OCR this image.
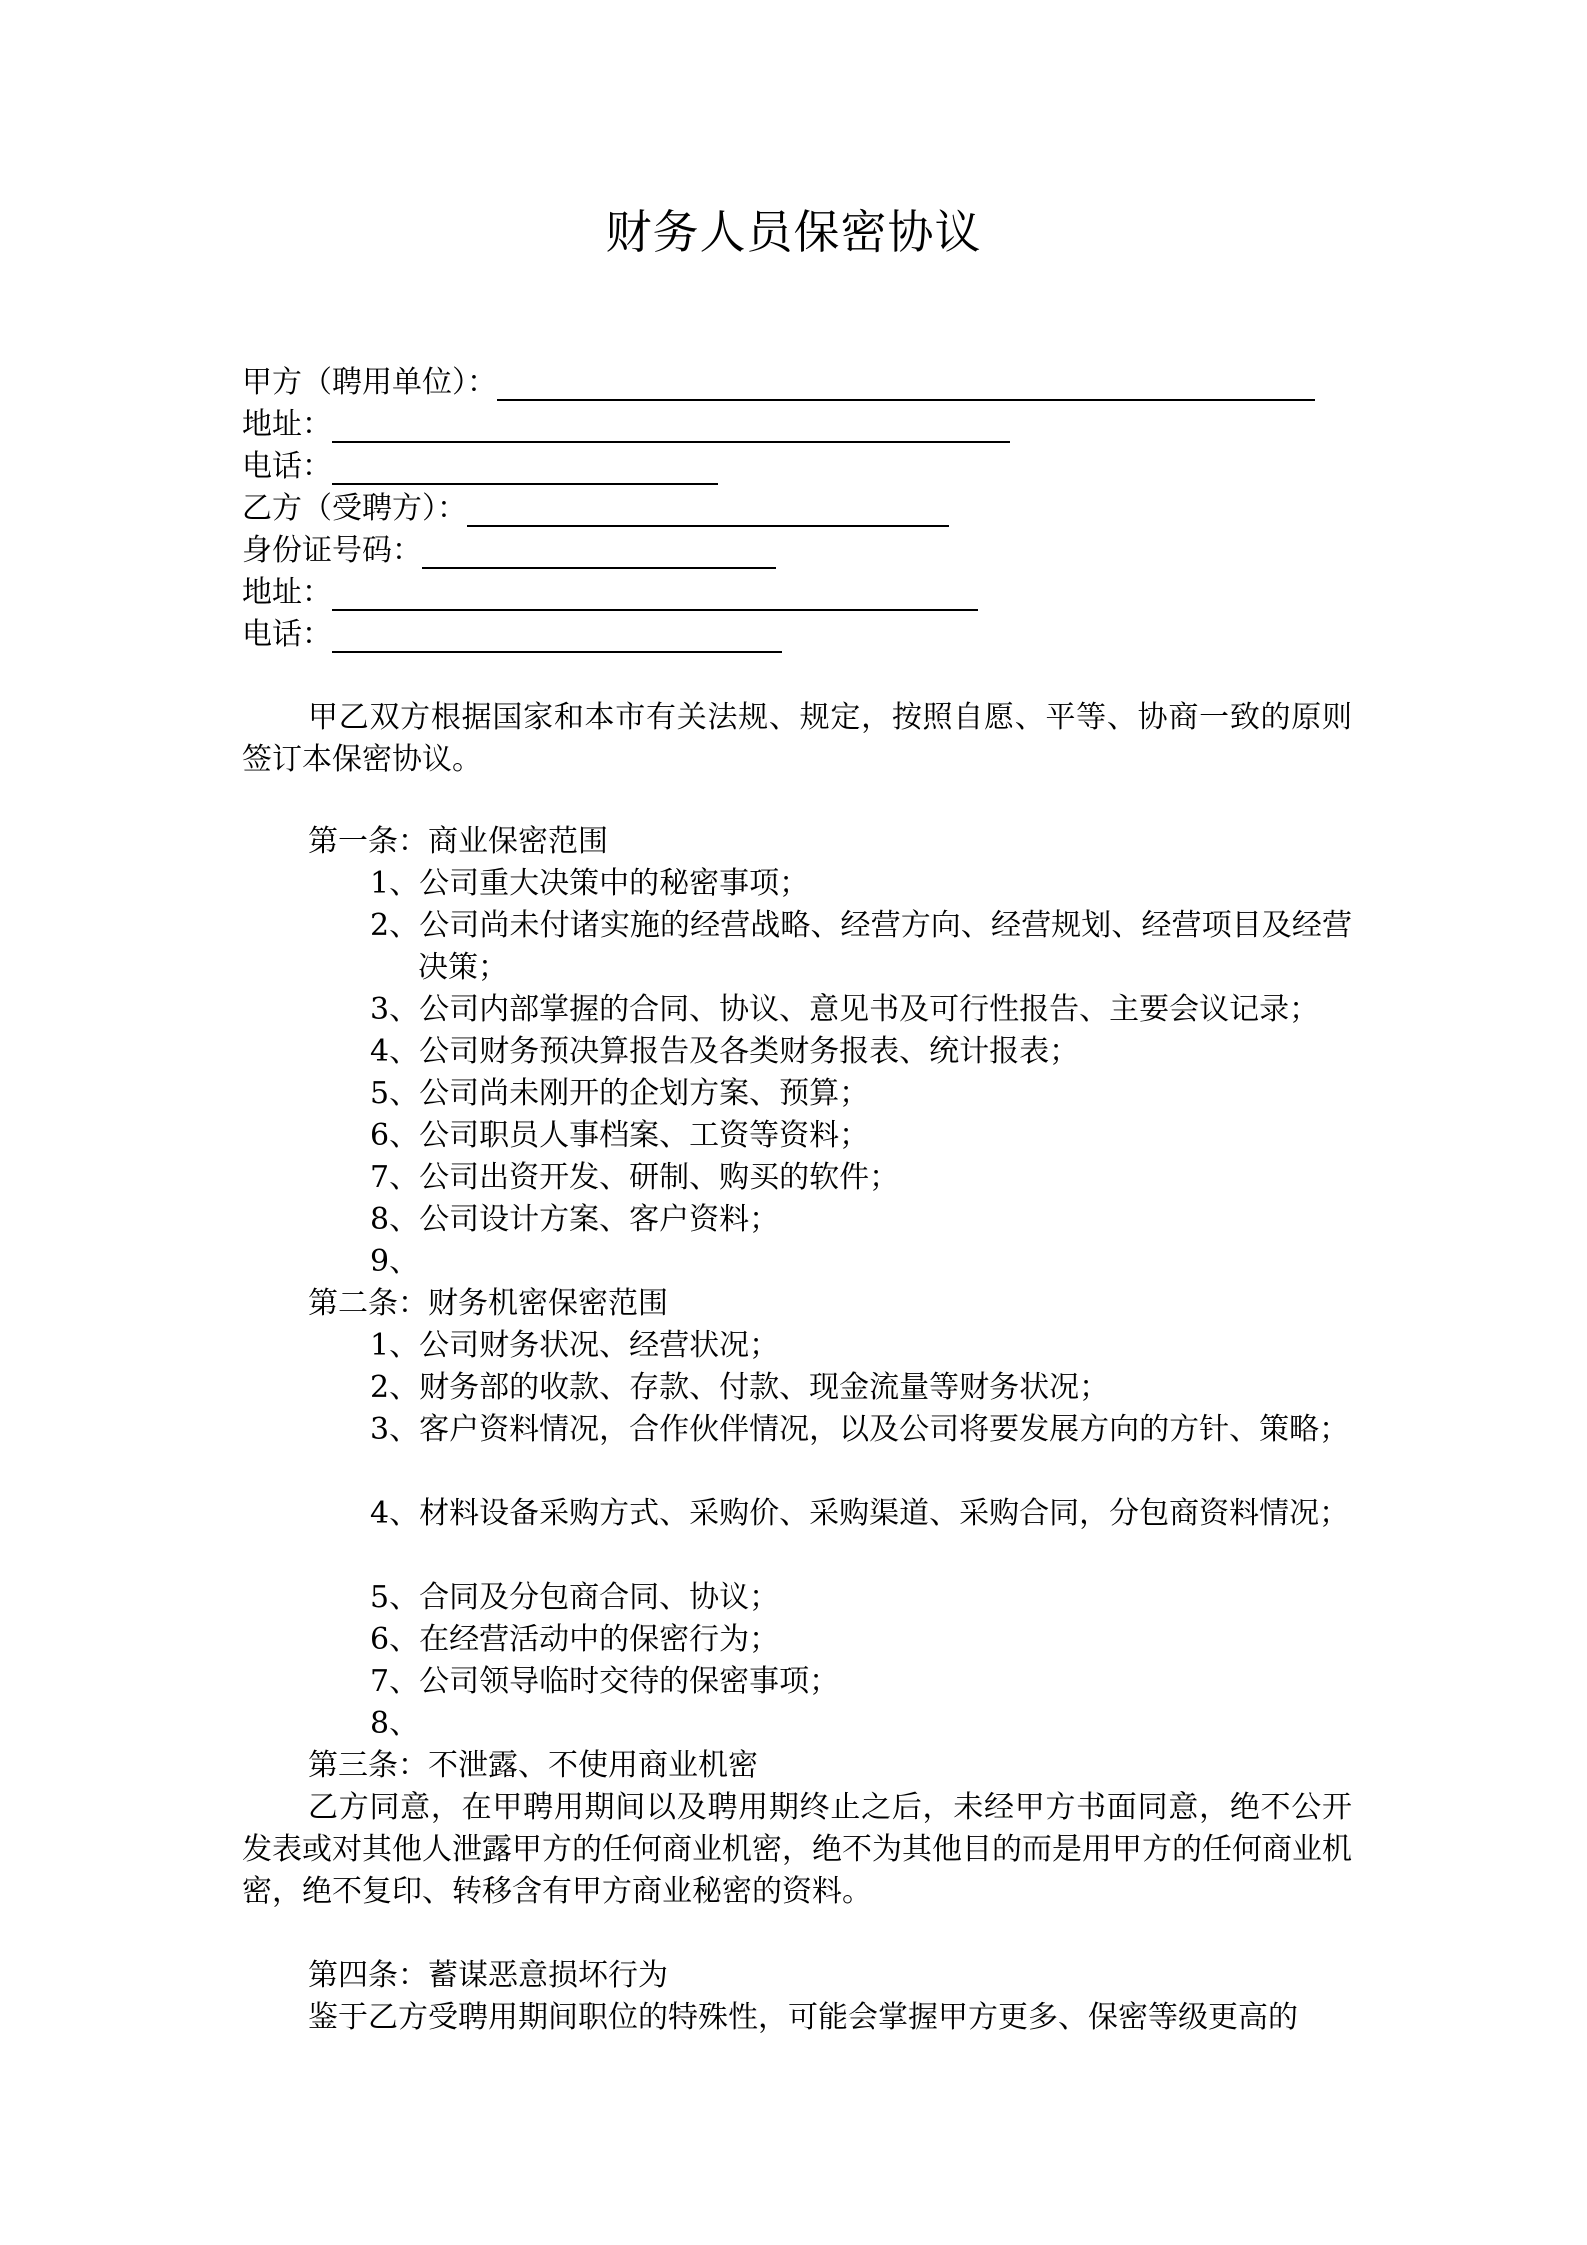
财务人员保密协议
甲方（聘用单位）：
地址：
电话：
乙方（受聘方）：
身份证号码：
地址：
电话：
甲乙双方根据国家和本市有关法规、规定，按照自愿、平等、协商一致的原则签订本保密协议。
第一条：商业保密范围
1、公司重大决策中的秘密事项；
2、公司尚未付诸实施的经营战略、经营方向、经营规划、经营项目及经营决策；
3、公司内部掌握的合同、协议、意见书及可行性报告、主要会议记录；
4、公司财务预决算报告及各类财务报表、统计报表；
5、公司尚未刚开的企划方案、预算；
6、公司职员人事档案、工资等资料；
7、公司出资开发、研制、购买的软件；
8、公司设计方案、客户资料；
9、
第二条：财务机密保密范围
1、公司财务状况、经营状况；
2、财务部的收款、存款、付款、现金流量等财务状况；
3、客户资料情况，合作伙伴情况，以及公司将要发展方向的方针、策略；
4、材料设备采购方式、采购价、采购渠道、采购合同，分包商资料情况；
5、合同及分包商合同、协议；
6、在经营活动中的保密行为；
7、公司领导临时交待的保密事项；
8、
第三条：不泄露、不使用商业机密
乙方同意，在甲聘用期间以及聘用期终止之后，未经甲方书面同意，绝不公开发表或对其他人泄露甲方的任何商业机密，绝不为其他目的而是用甲方的任何商业机密，绝不复印、转移含有甲方商业秘密的资料。
第四条：蓄谋恶意损坏行为
鉴于乙方受聘用期间职位的特殊性，可能会掌握甲方更多、保密等级更高的
